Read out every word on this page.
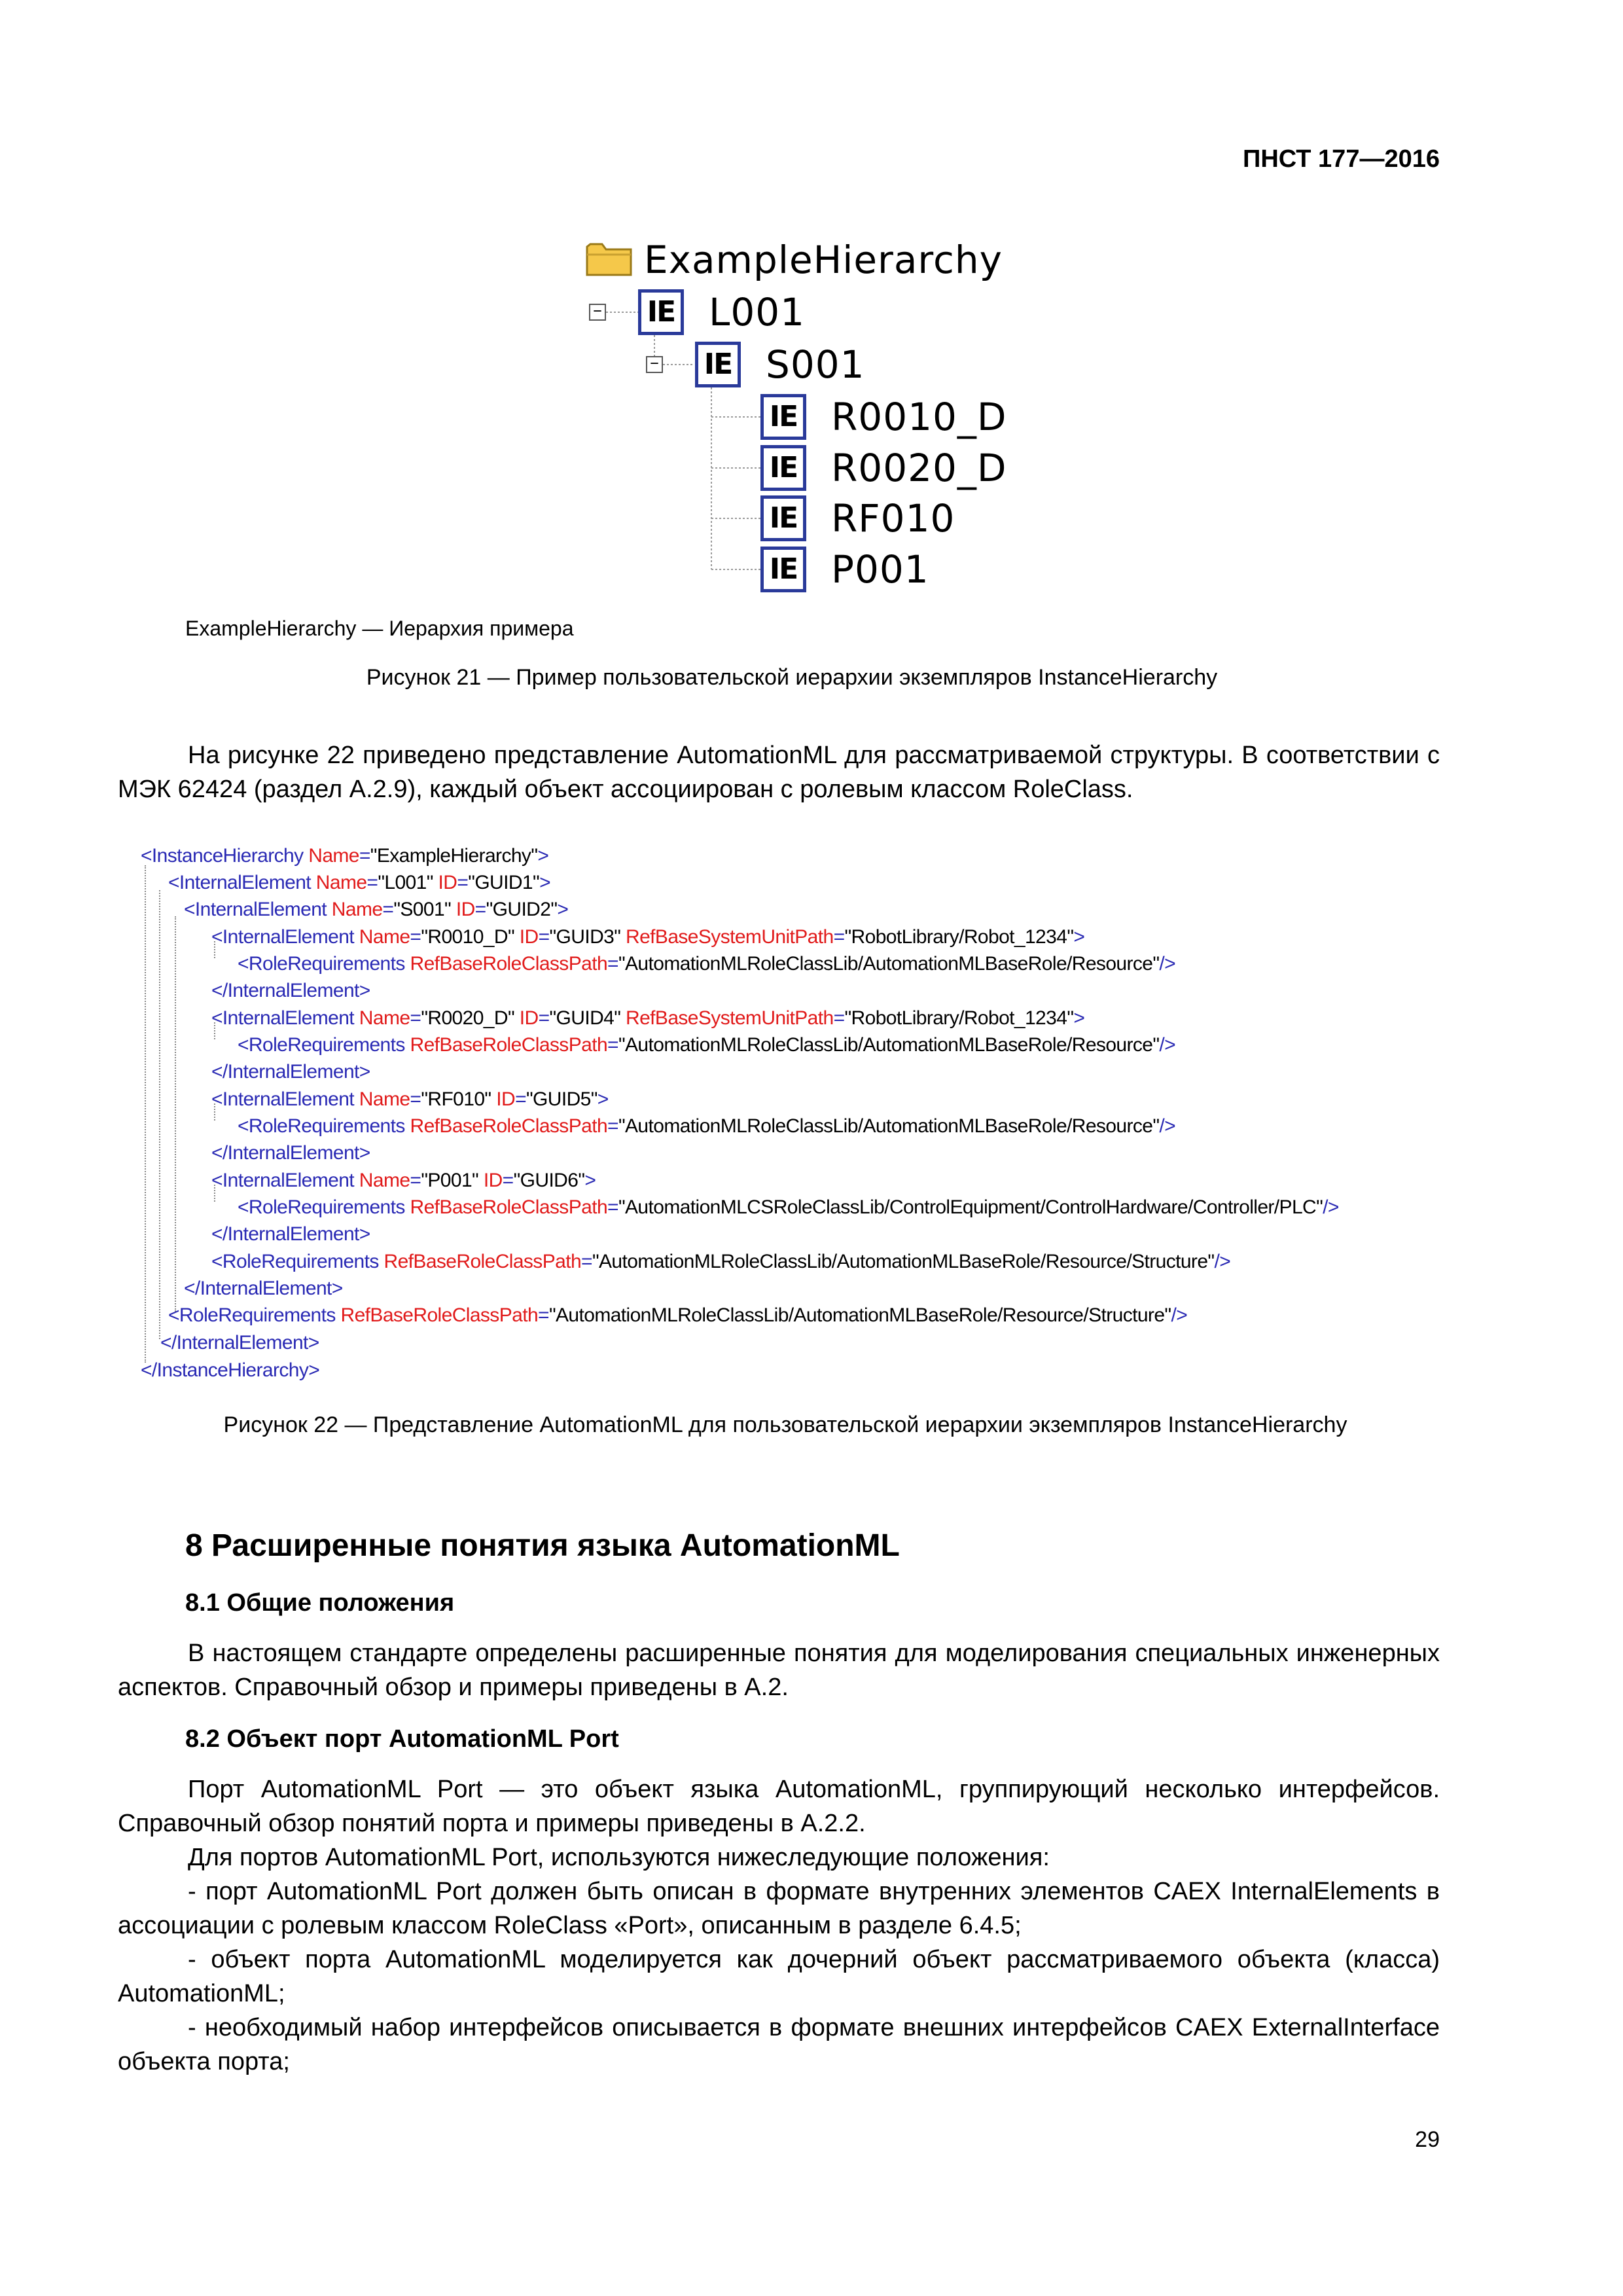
ПНСТ 177—2016
ExampleHierarchy
−	IE L001
−	IE S001
IE R0010_D
IE R0020_D
IE RF010
IE P001
ExampleHierarchy — Иерархия примера
Рисунок 21 — Пример пользовательской иерархии экземпляров InstanceHierarchy

На рисунке 22 приведено представление AutomationML для рассматриваемой структуры. В соответствии с МЭК 62424 (раздел А.2.9), каждый объект ассоциирован с ролевым классом RoleClass.

<InstanceHierarchy Name="ExampleHierarchy">
<InternalElement Name="L001" ID="GUID1">
<InternalElement Name="S001" ID="GUID2">
<InternalElement Name="R0010_D" ID="GUID3" RefBaseSystemUnitPath="RobotLibrary/Robot_1234">
<RoleRequirements RefBaseRoleClassPath="AutomationMLRoleClassLib/AutomationMLBaseRole/Resource"/>
</InternalElement>
<InternalElement Name="R0020_D" ID="GUID4" RefBaseSystemUnitPath="RobotLibrary/Robot_1234">
<RoleRequirements RefBaseRoleClassPath="AutomationMLRoleClassLib/AutomationMLBaseRole/Resource"/>
</InternalElement>
<InternalElement Name="RF010" ID="GUID5">
<RoleRequirements RefBaseRoleClassPath="AutomationMLRoleClassLib/AutomationMLBaseRole/Resource"/>
</InternalElement>
<InternalElement Name="P001" ID="GUID6">
<RoleRequirements RefBaseRoleClassPath="AutomationMLCSRoleClassLib/ControlEquipment/ControlHardware/Controller/PLC"/>
</InternalElement>
<RoleRequirements RefBaseRoleClassPath="AutomationMLRoleClassLib/AutomationMLBaseRole/Resource/Structure"/>
</InternalElement>
<RoleRequirements RefBaseRoleClassPath="AutomationMLRoleClassLib/AutomationMLBaseRole/Resource/Structure"/>
</InternalElement>
</InstanceHierarchy>
Рисунок 22 — Представление AutomationML для пользовательской иерархии экземпляров InstanceHierarchy
8 Расширенные понятия языка AutomationML
8.1 Общие положения

В настоящем стандарте определены расширенные понятия для моделирования специальных инженерных аспектов. Справочный обзор и примеры приведены в А.2.

8.2 Объект порт AutomationML Port

Порт AutomationML Port — это объект языка AutomationML, группирующий несколько интерфейсов. Справочный обзор понятий порта и примеры приведены в А.2.2.

Для портов AutomationML Port, используются нижеследующие положения:

- порт AutomationML Port должен быть описан в формате внутренних элементов CAEX InternalElements в ассоциации с ролевым классом RoleClass «Port», описанным в разделе 6.4.5;

- объект порта AutomationML моделируется как дочерний объект рассматриваемого объекта (класса) AutomationML;

- необходимый набор интерфейсов описывается в формате внешних интерфейсов CAEX ExternalInterface объекта порта;

29
